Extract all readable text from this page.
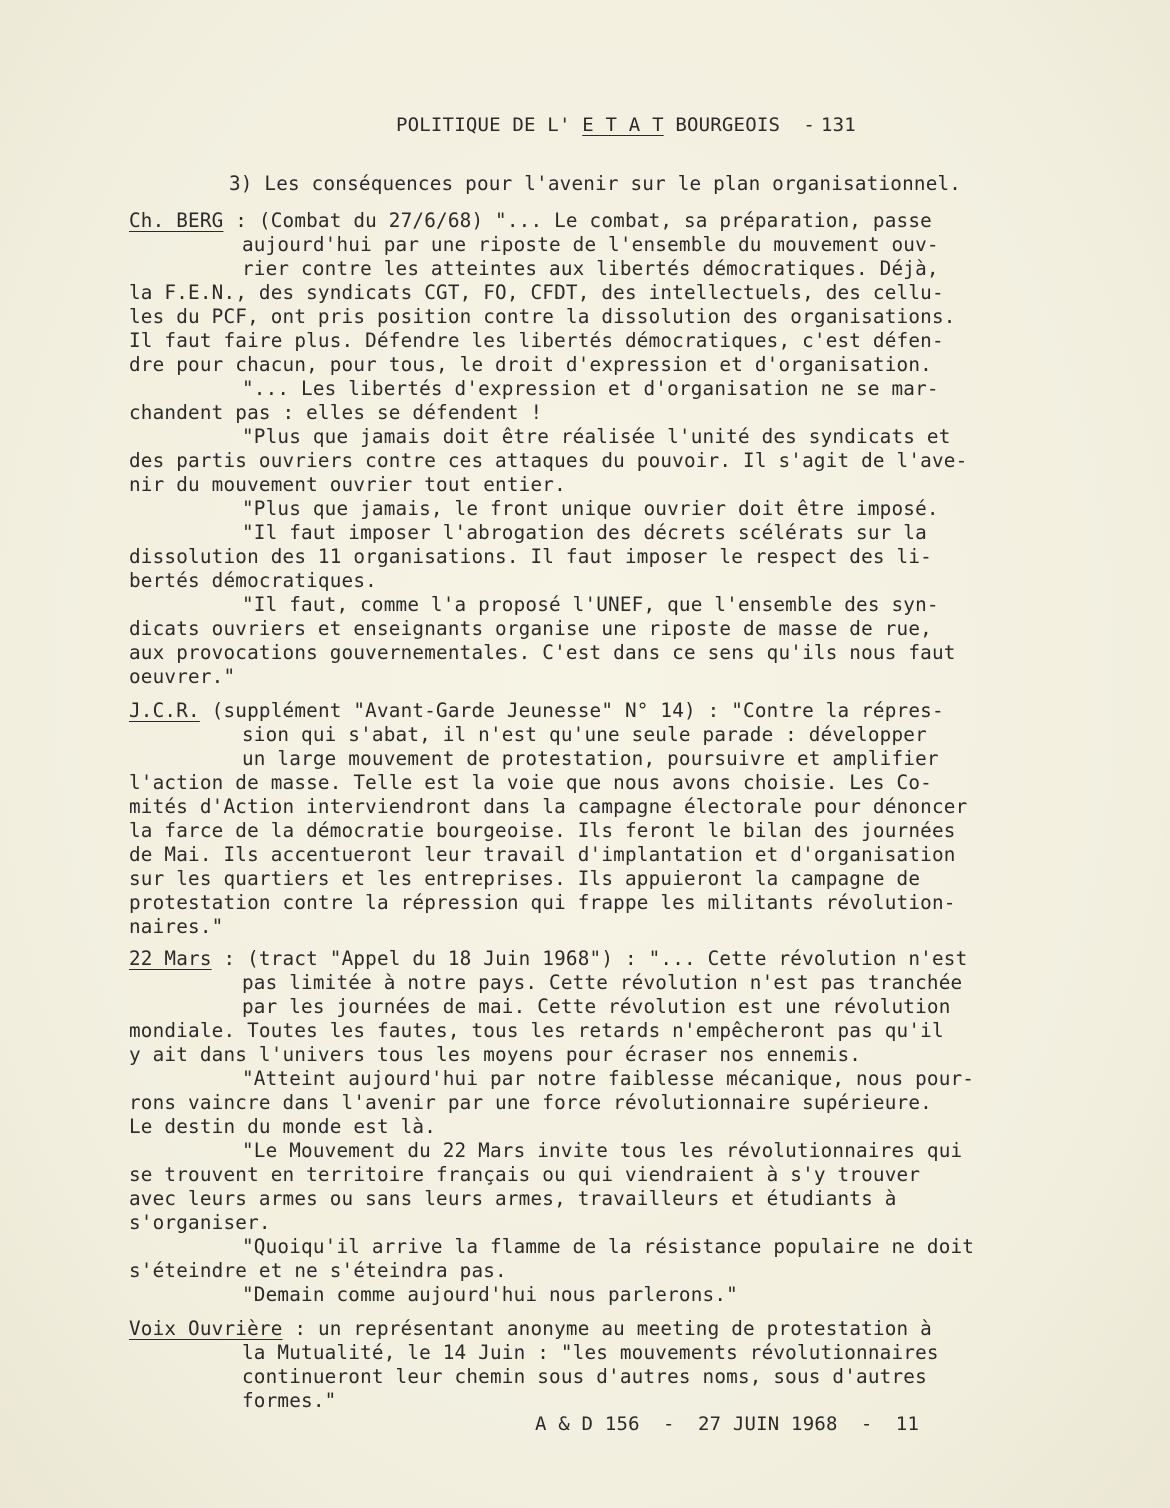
POLITIQUE DE L' E T A T BOURGEOIS  - 131
3) Les conséquences pour l'avenir sur le plan organisationnel.
Ch. BERG : (Combat du 27/6/68) "... Le combat, sa préparation, passe
aujourd'hui par une riposte de l'ensemble du mouvement ouv-
rier contre les atteintes aux libertés démocratiques. Déjà,
la F.E.N., des syndicats CGT, FO, CFDT, des intellectuels, des cellu-
les du PCF, ont pris position contre la dissolution des organisations.
Il faut faire plus. Défendre les libertés démocratiques, c'est défen-
dre pour chacun, pour tous, le droit d'expression et d'organisation.
"... Les libertés d'expression et d'organisation ne se mar-
chandent pas : elles se défendent !
"Plus que jamais doit être réalisée l'unité des syndicats et
des partis ouvriers contre ces attaques du pouvoir. Il s'agit de l'ave-
nir du mouvement ouvrier tout entier.
"Plus que jamais, le front unique ouvrier doit être imposé.
"Il faut imposer l'abrogation des décrets scélérats sur la
dissolution des 11 organisations. Il faut imposer le respect des li-
bertés démocratiques.
"Il faut, comme l'a proposé l'UNEF, que l'ensemble des syn-
dicats ouvriers et enseignants organise une riposte de masse de rue,
aux provocations gouvernementales. C'est dans ce sens qu'ils nous faut
oeuvrer."
J.C.R. (supplément "Avant-Garde Jeunesse" N° 14) : "Contre la répres-
sion qui s'abat, il n'est qu'une seule parade : développer
un large mouvement de protestation, poursuivre et amplifier
l'action de masse. Telle est la voie que nous avons choisie. Les Co-
mités d'Action interviendront dans la campagne électorale pour dénoncer
la farce de la démocratie bourgeoise. Ils feront le bilan des journées
de Mai. Ils accentueront leur travail d'implantation et d'organisation
sur les quartiers et les entreprises. Ils appuieront la campagne de
protestation contre la répression qui frappe les militants révolution-
naires."
22 Mars : (tract "Appel du 18 Juin 1968") : "... Cette révolution n'est
pas limitée à notre pays. Cette révolution n'est pas tranchée
par les journées de mai. Cette révolution est une révolution
mondiale. Toutes les fautes, tous les retards n'empêcheront pas qu'il
y ait dans l'univers tous les moyens pour écraser nos ennemis.
"Atteint aujourd'hui par notre faiblesse mécanique, nous pour-
rons vaincre dans l'avenir par une force révolutionnaire supérieure.
Le destin du monde est là.
"Le Mouvement du 22 Mars invite tous les révolutionnaires qui
se trouvent en territoire français ou qui viendraient à s'y trouver
avec leurs armes ou sans leurs armes, travailleurs et étudiants à
s'organiser.
"Quoiqu'il arrive la flamme de la résistance populaire ne doit
s'éteindre et ne s'éteindra pas.
"Demain comme aujourd'hui nous parlerons."
Voix Ouvrière : un représentant anonyme au meeting de protestation à
la Mutualité, le 14 Juin : "les mouvements révolutionnaires
continueront leur chemin sous d'autres noms, sous d'autres
formes."
A & D 156  -  27 JUIN 1968  -  11
